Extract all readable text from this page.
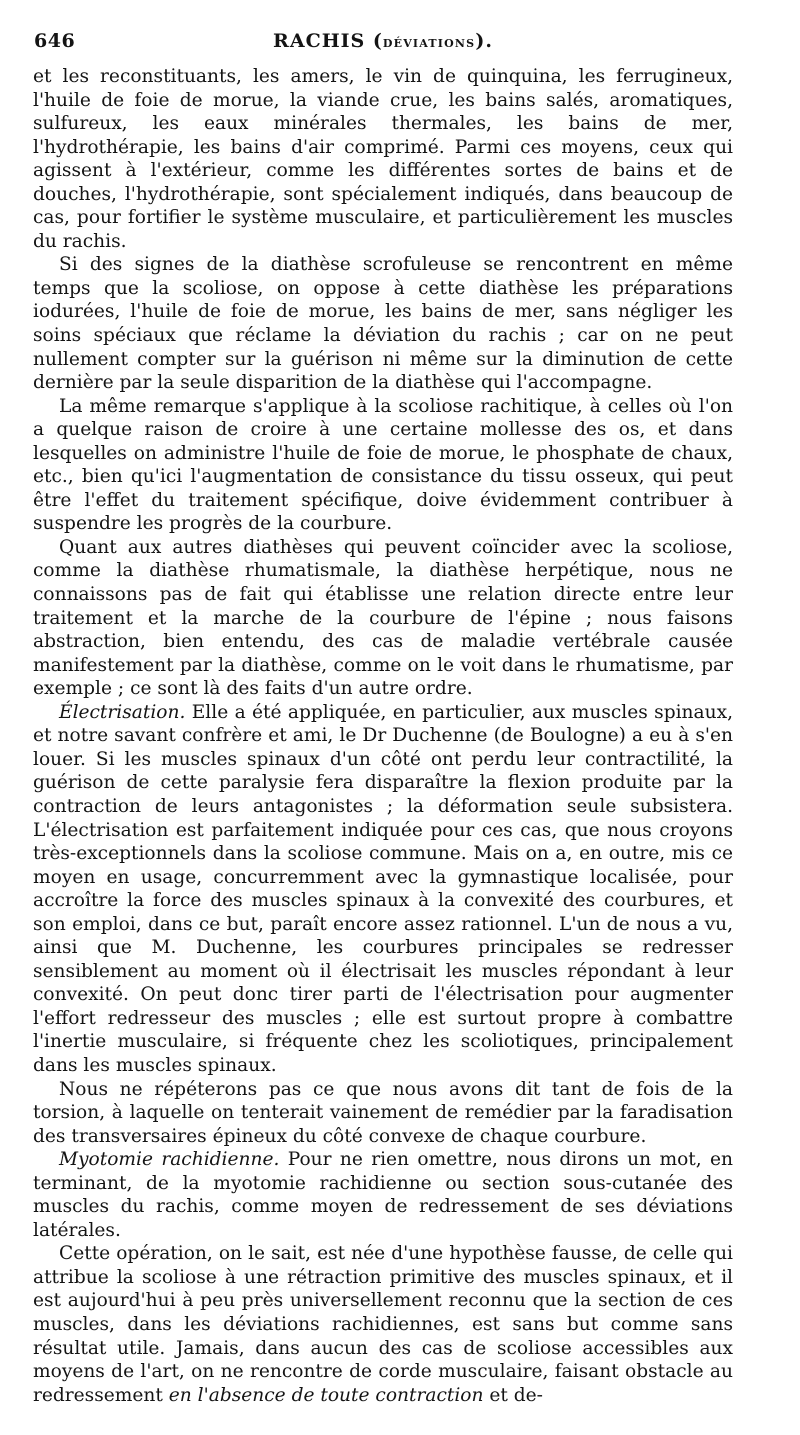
646	RACHIS (déviations).

et les reconstituants, les amers, le vin de quinquina, les ferrugineux, l'huile de foie de morue, la viande crue, les bains salés, aromatiques, sulfureux, les eaux minérales thermales, les bains de mer, l'hydrothérapie, les bains d'air comprimé. Parmi ces moyens, ceux qui agissent à l'extérieur, comme les différentes sortes de bains et de douches, l'hydrothérapie, sont spécialement indiqués, dans beaucoup de cas, pour fortifier le système musculaire, et particulièrement les muscles du rachis.

Si des signes de la diathèse scrofuleuse se rencontrent en même temps que la scoliose, on oppose à cette diathèse les préparations iodurées, l'huile de foie de morue, les bains de mer, sans négliger les soins spéciaux que réclame la déviation du rachis ; car on ne peut nullement compter sur la guérison ni même sur la diminution de cette dernière par la seule disparition de la diathèse qui l'accompagne.

La même remarque s'applique à la scoliose rachitique, à celles où l'on a quelque raison de croire à une certaine mollesse des os, et dans lesquelles on administre l'huile de foie de morue, le phosphate de chaux, etc., bien qu'ici l'augmentation de consistance du tissu osseux, qui peut être l'effet du traitement spécifique, doive évidemment contribuer à suspendre les progrès de la courbure.

Quant aux autres diathèses qui peuvent coïncider avec la scoliose, comme la diathèse rhumatismale, la diathèse herpétique, nous ne connaissons pas de fait qui établisse une relation directe entre leur traitement et la marche de la courbure de l'épine ; nous faisons abstraction, bien entendu, des cas de maladie vertébrale causée manifestement par la diathèse, comme on le voit dans le rhumatisme, par exemple ; ce sont là des faits d'un autre ordre.

Électrisation. Elle a été appliquée, en particulier, aux muscles spinaux, et notre savant confrère et ami, le Dr Duchenne (de Boulogne) a eu à s'en louer. Si les muscles spinaux d'un côté ont perdu leur contractilité, la guérison de cette paralysie fera disparaître la flexion produite par la contraction de leurs antagonistes ; la déformation seule subsistera. L'électrisation est parfaitement indiquée pour ces cas, que nous croyons très-exceptionnels dans la scoliose commune. Mais on a, en outre, mis ce moyen en usage, concurremment avec la gymnastique localisée, pour accroître la force des muscles spinaux à la convexité des courbures, et son emploi, dans ce but, paraît encore assez rationnel. L'un de nous a vu, ainsi que M. Duchenne, les courbures principales se redresser sensiblement au moment où il électrisait les muscles répondant à leur convexité. On peut donc tirer parti de l'électrisation pour augmenter l'effort redresseur des muscles ; elle est surtout propre à combattre l'inertie musculaire, si fréquente chez les scoliotiques, principalement dans les muscles spinaux.

Nous ne répéterons pas ce que nous avons dit tant de fois de la torsion, à laquelle on tenterait vainement de remédier par la faradisation des transversaires épineux du côté convexe de chaque courbure.

Myotomie rachidienne. Pour ne rien omettre, nous dirons un mot, en terminant, de la myotomie rachidienne ou section sous-cutanée des muscles du rachis, comme moyen de redressement de ses déviations latérales.

Cette opération, on le sait, est née d'une hypothèse fausse, de celle qui attribue la scoliose à une rétraction primitive des muscles spinaux, et il est aujourd'hui à peu près universellement reconnu que la section de ces muscles, dans les déviations rachidiennes, est sans but comme sans résultat utile. Jamais, dans aucun des cas de scoliose accessibles aux moyens de l'art, on ne rencontre de corde musculaire, faisant obstacle au redressement en l'absence de toute contraction et de-
